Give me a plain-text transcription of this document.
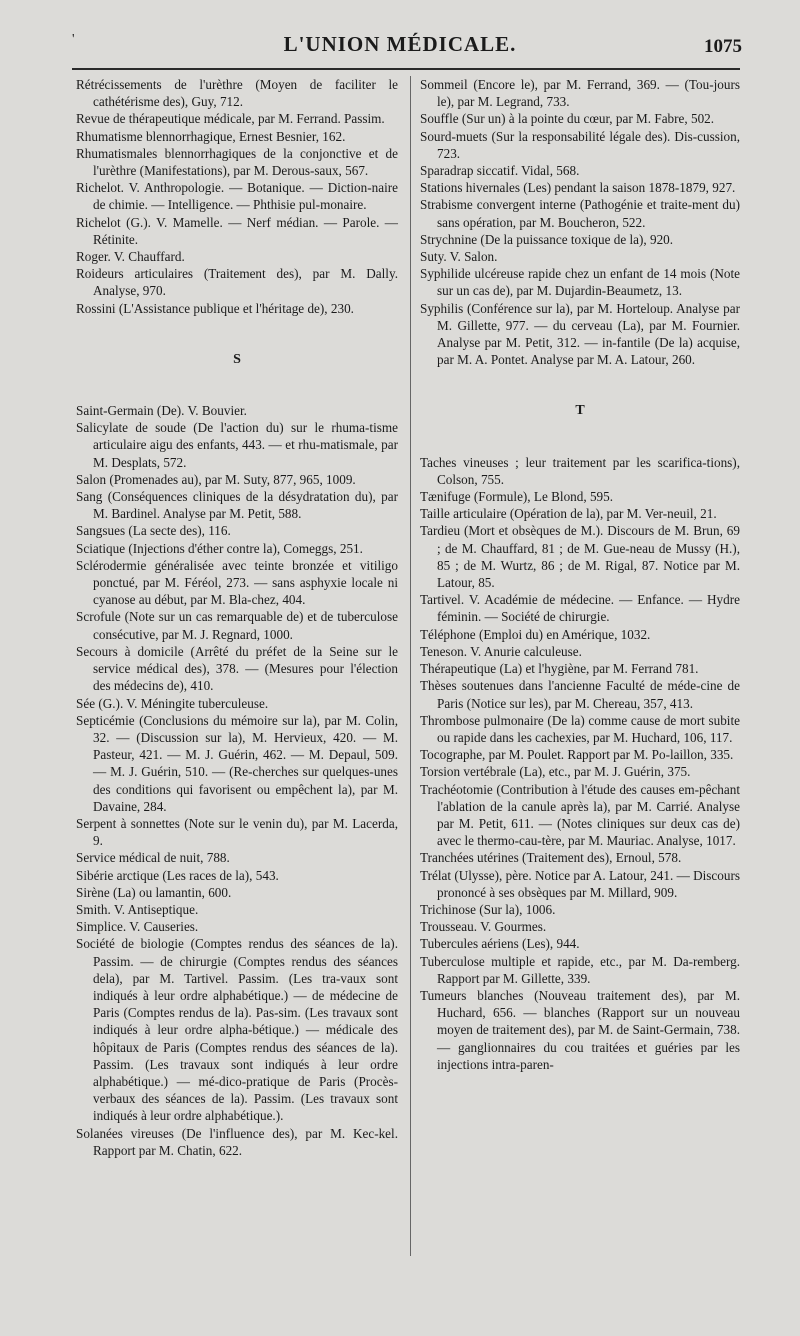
'	L'UNION MÉDICALE.	1075

Rétrécissements de l'urèthre (Moyen de faciliter le cathétérisme des), Guy, 712.

Revue de thérapeutique médicale, par M. Ferrand. Passim.

Rhumatisme blennorrhagique, Ernest Besnier, 162.

Rhumatismales blennorrhagiques de la conjonctive et de l'urèthre (Manifestations), par M. Derous-saux, 567.

Richelot. V. Anthropologie. — Botanique. — Diction-naire de chimie. — Intelligence. — Phthisie pul-monaire.

Richelot (G.). V. Mamelle. — Nerf médian. — Parole. — Rétinite.

Roger. V. Chauffard.

Roideurs articulaires (Traitement des), par M. Dally. Analyse, 970.

Rossini (L'Assistance publique et l'héritage de), 230.

S

Saint-Germain (De). V. Bouvier.

Salicylate de soude (De l'action du) sur le rhuma-tisme articulaire aigu des enfants, 443. — et rhu-matismale, par M. Desplats, 572.

Salon (Promenades au), par M. Suty, 877, 965, 1009.

Sang (Conséquences cliniques de la désydratation du), par M. Bardinel. Analyse par M. Petit, 588.

Sangsues (La secte des), 116.

Sciatique (Injections d'éther contre la), Comeggs, 251.

Sclérodermie généralisée avec teinte bronzée et vitiligo ponctué, par M. Féréol, 273. — sans asphyxie locale ni cyanose au début, par M. Bla-chez, 404.

Scrofule (Note sur un cas remarquable de) et de tuberculose consécutive, par M. J. Regnard, 1000.

Secours à domicile (Arrêté du préfet de la Seine sur le service médical des), 378. — (Mesures pour l'élection des médecins de), 410.

Sée (G.). V. Méningite tuberculeuse.

Septicémie (Conclusions du mémoire sur la), par M. Colin, 32. — (Discussion sur la), M. Hervieux, 420. — M. Pasteur, 421. — M. J. Guérin, 462. — M. Depaul, 509. — M. J. Guérin, 510. — (Re-cherches sur quelques-unes des conditions qui favorisent ou empêchent la), par M. Davaine, 284.

Serpent à sonnettes (Note sur le venin du), par M. Lacerda, 9.

Service médical de nuit, 788.

Sibérie arctique (Les races de la), 543.

Sirène (La) ou lamantin, 600.

Smith. V. Antiseptique.

Simplice. V. Causeries.

Société de biologie (Comptes rendus des séances de la). Passim. — de chirurgie (Comptes rendus des séances dela), par M. Tartivel. Passim. (Les tra-vaux sont indiqués à leur ordre alphabétique.) — de médecine de Paris (Comptes rendus de la). Pas-sim. (Les travaux sont indiqués à leur ordre alpha-bétique.) — médicale des hôpitaux de Paris (Comptes rendus des séances de la). Passim. (Les travaux sont indiqués à leur ordre alphabétique.) — mé-dico-pratique de Paris (Procès-verbaux des séances de la). Passim. (Les travaux sont indiqués à leur ordre alphabétique.).

Solanées vireuses (De l'influence des), par M. Kec-kel. Rapport par M. Chatin, 622.

Sommeil (Encore le), par M. Ferrand, 369. — (Tou-jours le), par M. Legrand, 733.

Souffle (Sur un) à la pointe du cœur, par M. Fabre, 502.

Sourd-muets (Sur la responsabilité légale des). Dis-cussion, 723.

Sparadrap siccatif. Vidal, 568.

Stations hivernales (Les) pendant la saison 1878-1879, 927.

Strabisme convergent interne (Pathogénie et traite-ment du) sans opération, par M. Boucheron, 522.

Strychnine (De la puissance toxique de la), 920.

Suty. V. Salon.

Syphilide ulcéreuse rapide chez un enfant de 14 mois (Note sur un cas de), par M. Dujardin-Beaumetz, 13.

Syphilis (Conférence sur la), par M. Horteloup. Analyse par M. Gillette, 977. — du cerveau (La), par M. Fournier. Analyse par M. Petit, 312. — in-fantile (De la) acquise, par M. A. Pontet. Analyse par M. A. Latour, 260.

T

Taches vineuses ; leur traitement par les scarifica-tions), Colson, 755.

Tænifuge (Formule), Le Blond, 595.

Taille articulaire (Opération de la), par M. Ver-neuil, 21.

Tardieu (Mort et obsèques de M.). Discours de M. Brun, 69 ; de M. Chauffard, 81 ; de M. Gue-neau de Mussy (H.), 85 ; de M. Wurtz, 86 ; de M. Rigal, 87. Notice par M. Latour, 85.

Tartivel. V. Académie de médecine. — Enfance. — Hydre féminin. — Société de chirurgie.

Téléphone (Emploi du) en Amérique, 1032.

Teneson. V. Anurie calculeuse.

Thérapeutique (La) et l'hygiène, par M. Ferrand 781.

Thèses soutenues dans l'ancienne Faculté de méde-cine de Paris (Notice sur les), par M. Chereau, 357, 413.

Thrombose pulmonaire (De la) comme cause de mort subite ou rapide dans les cachexies, par M. Huchard, 106, 117.

Tocographe, par M. Poulet. Rapport par M. Po-laillon, 335.

Torsion vertébrale (La), etc., par M. J. Guérin, 375.

Trachéotomie (Contribution à l'étude des causes em-pêchant l'ablation de la canule après la), par M. Carrié. Analyse par M. Petit, 611. — (Notes cliniques sur deux cas de) avec le thermo-cau-tère, par M. Mauriac. Analyse, 1017.

Tranchées utérines (Traitement des), Ernoul, 578.

Trélat (Ulysse), père. Notice par A. Latour, 241. — Discours prononcé à ses obsèques par M. Millard, 909.

Trichinose (Sur la), 1006.

Trousseau. V. Gourmes.

Tubercules aériens (Les), 944.

Tuberculose multiple et rapide, etc., par M. Da-remberg. Rapport par M. Gillette, 339.

Tumeurs blanches (Nouveau traitement des), par M. Huchard, 656. — blanches (Rapport sur un nouveau moyen de traitement des), par M. de Saint-Germain, 738. — ganglionnaires du cou traitées et guéries par les injections intra-paren-
